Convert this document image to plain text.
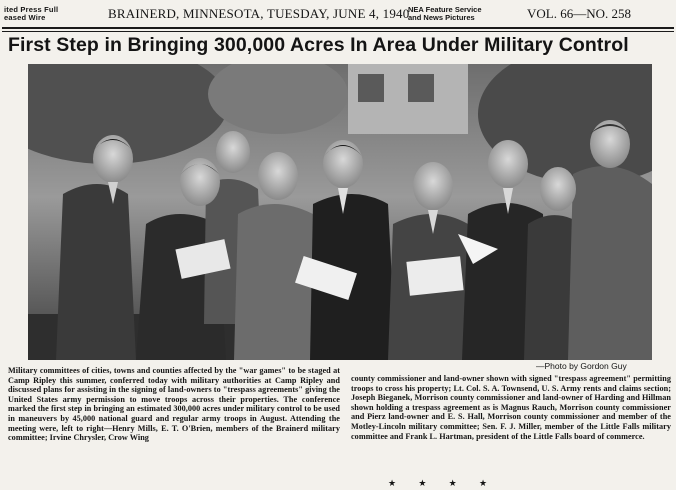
ited Press Full
eased Wire	BRAINERD, MINNESOTA, TUESDAY, JUNE 4, 1940
NEA Feature Service
and News Pictures	VOL. 66—NO. 258
First Step in Bringing 300,000 Acres In Area Under Military Control
—Photo by Gordon Guy
Military committees of cities, towns and counties affected by the "war games" to be staged at Camp Ripley this summer, conferred today with military authorities at Camp Ripley and discussed plans for assisting in the signing of land-owners to "trespass agreements" giving the United States army permission to move troops across their properties. The conference marked the first step in bringing an estimated 300,000 acres under military control to be used in maneuvers by 45,000 national guard and regular army troops in August. Attending the meeting were, left to right—Henry Mills, E. T. O'Brien, members of the Brainerd military committee; Irvine Chrysler, Crow Wing
county commissioner and land-owner shown with signed "trespass agreement" permitting troops to cross his property; Lt. Col. S. A. Townsend, U. S. Army rents and claims section; Joseph Bieganek, Morrison county commissioner and land-owner of Harding and Hillman shown holding a trespass agreement as is Magnus Rauch, Morrison county commissioner and Pierz land-owner and E. S. Hall, Morrison county commissioner and member of the Motley-Lincoln military committee; Sen. F. J. Miller, member of the Little Falls military committee and Frank L. Hartman, president of the Little Falls board of commerce.
★ ★ ★ ★
